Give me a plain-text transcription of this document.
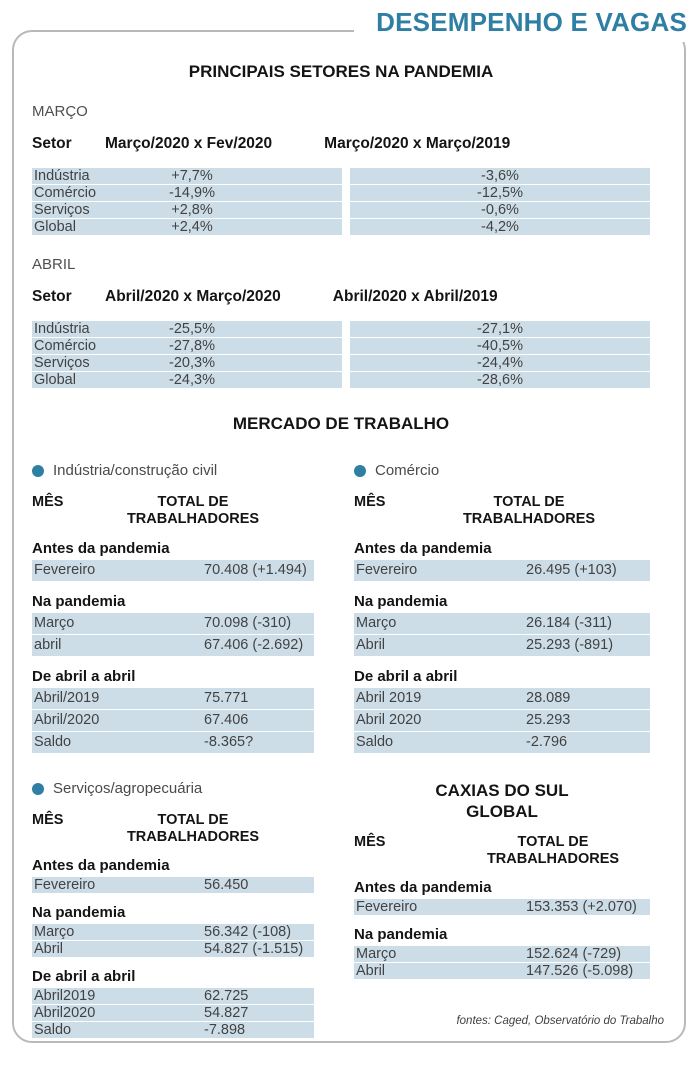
DESEMPENHO E VAGAS
PRINCIPAIS SETORES NA PANDEMIA
MARÇO
Setor	Março/2020 x Fev/2020	Março/2020 x Março/2019
Indústria	+7,7%	-3,6%
Comércio	-14,9%	-12,5%
Serviços	+2,8%	-0,6%
Global	+2,4%	-4,2%
ABRIL
Setor	Abril/2020 x Março/2020	Abril/2020 x Abril/2019
Indústria	-25,5%	-27,1%
Comércio	-27,8%	-40,5%
Serviços	-20,3%	-24,4%
Global	-24,3%	-28,6%
MERCADO DE TRABALHO
Indústria/construção civil
MÊS	TOTAL DE TRABALHADORES
Antes da pandemia
Fevereiro	70.408 (+1.494)
Na pandemia
Março	70.098 (-310)
abril	67.406 (-2.692)
De abril a abril
Abril/2019	75.771
Abril/2020	67.406
Saldo	-8.365?
Comércio
MÊS	TOTAL DE TRABALHADORES
Antes da pandemia
Fevereiro	26.495 (+103)
Na pandemia
Março	26.184 (-311)
Abril	25.293 (-891)
De abril a abril
Abril 2019	28.089
Abril 2020	25.293
Saldo	-2.796
Serviços/agropecuária
MÊS	TOTAL DE TRABALHADORES
Antes da pandemia
Fevereiro	56.450
Na pandemia
Março	56.342 (-108)
Abril	54.827 (-1.515)
De abril a abril
Abril2019	62.725
Abril2020	54.827
Saldo	-7.898
CAXIAS DO SUL GLOBAL
MÊS	TOTAL DE TRABALHADORES
Antes da pandemia
Fevereiro	153.353 (+2.070)
Na pandemia
Março	152.624 (-729)
Abril	147.526 (-5.098)
fontes: Caged, Observatório do Trabalho
